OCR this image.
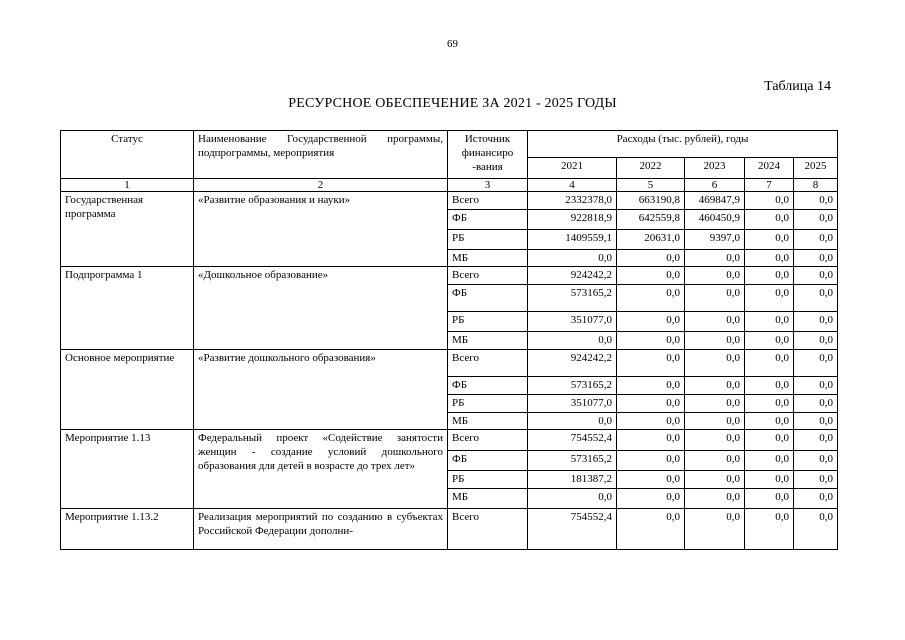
69
Таблица 14
РЕСУРСНОЕ ОБЕСПЕЧЕНИЕ ЗА 2021 - 2025 ГОДЫ
Статус	Наименование Государственной программы, подпрограммы, мероприятия	Источник финансиро -вания	Расходы (тыс. рублей), годы				
			2021	2022	2023	2024	2025
1	2	3	4	5	6	7	8
Государственная программа	«Развитие образования и науки»	Всего	2332378,0	663190,8	469847,9	0,0	0,0
		ФБ	922818,9	642559,8	460450,9	0,0	0,0
		РБ	1409559,1	20631,0	9397,0	0,0	0,0
		МБ	0,0	0,0	0,0	0,0	0,0
Подпрограмма 1	«Дошкольное образование»	Всего	924242,2	0,0	0,0	0,0	0,0
		ФБ	573165,2	0,0	0,0	0,0	0,0
		РБ	351077,0	0,0	0,0	0,0	0,0
		МБ	0,0	0,0	0,0	0,0	0,0
Основное мероприятие	«Развитие дошкольного образования»	Всего	924242,2	0,0	0,0	0,0	0,0
		ФБ	573165,2	0,0	0,0	0,0	0,0
		РБ	351077,0	0,0	0,0	0,0	0,0
		МБ	0,0	0,0	0,0	0,0	0,0
Мероприятие 1.13	Федеральный проект «Содействие занятости женщин - создание условий дошкольного образования для детей в возрасте до трех лет»	Всего	754552,4	0,0	0,0	0,0	0,0
		ФБ	573165,2	0,0	0,0	0,0	0,0
		РБ	181387,2	0,0	0,0	0,0	0,0
		МБ	0,0	0,0	0,0	0,0	0,0
Мероприятие 1.13.2	Реализация мероприятий по созданию в субъектах Российской Федерации дополни-	Всего	754552,4	0,0	0,0	0,0	0,0
